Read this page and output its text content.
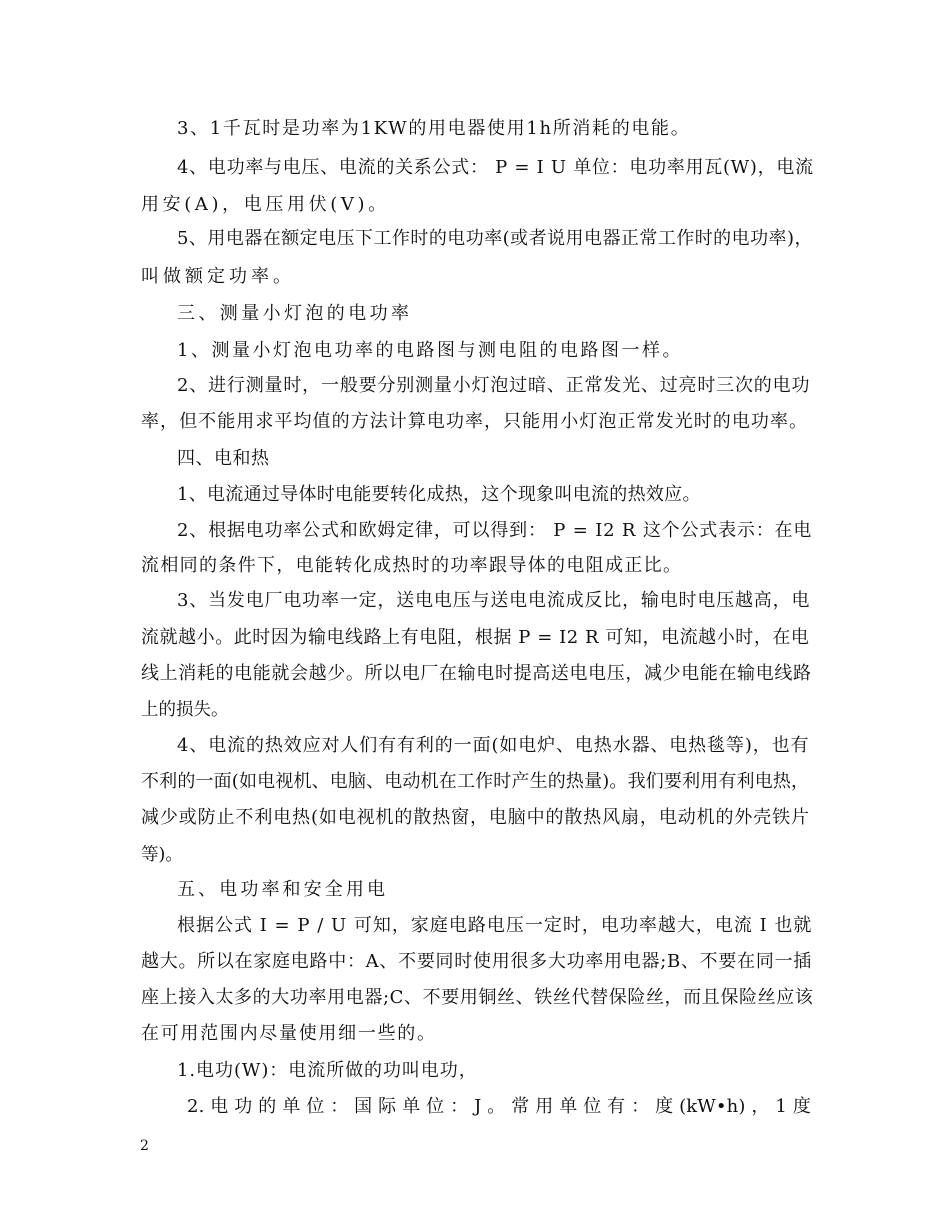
3、1千瓦时是功率为1KW的用电器使用1h所消耗的电能。
4、电功率与电压、电流的关系公式： P = I U 单位：电功率用瓦(W)，电流
用安(A)，电压用伏(V)。
5、用电器在额定电压下工作时的电功率(或者说用电器正常工作时的电功率)，
叫做额定功率。
三、测量小灯泡的电功率
1、测量小灯泡电功率的电路图与测电阻的电路图一样。
2、进行测量时，一般要分别测量小灯泡过暗、正常发光、过亮时三次的电功
率，但不能用求平均值的方法计算电功率，只能用小灯泡正常发光时的电功率。
四、电和热
1、电流通过导体时电能要转化成热，这个现象叫电流的热效应。
2、根据电功率公式和欧姆定律，可以得到： P = I2 R 这个公式表示：在电
流相同的条件下，电能转化成热时的功率跟导体的电阻成正比。
3、当发电厂电功率一定，送电电压与送电电流成反比，输电时电压越高，电
流就越小。此时因为输电线路上有电阻，根据 P = I2 R 可知，电流越小时，在电
线上消耗的电能就会越少。所以电厂在输电时提高送电电压，减少电能在输电线路
上的损失。
4、电流的热效应对人们有有利的一面(如电炉、电热水器、电热毯等)，也有
不利的一面(如电视机、电脑、电动机在工作时产生的热量)。我们要利用有利电热，
减少或防止不利电热(如电视机的散热窗，电脑中的散热风扇，电动机的外壳铁片
等)。
五、电功率和安全用电
根据公式 I = P / U 可知，家庭电路电压一定时，电功率越大，电流 I 也就
越大。所以在家庭电路中：A、不要同时使用很多大功率用电器;B、不要在同一插
座上接入太多的大功率用电器;C、不要用铜丝、铁丝代替保险丝，而且保险丝应该
在可用范围内尽量使用细一些的。
1.电功(W)：电流所做的功叫电功，
2. 电 功 的 单 位 ： 国 际 单 位 ： J 。 常 用 单 位 有 ： 度 (kW•h) ， 1 度
2
